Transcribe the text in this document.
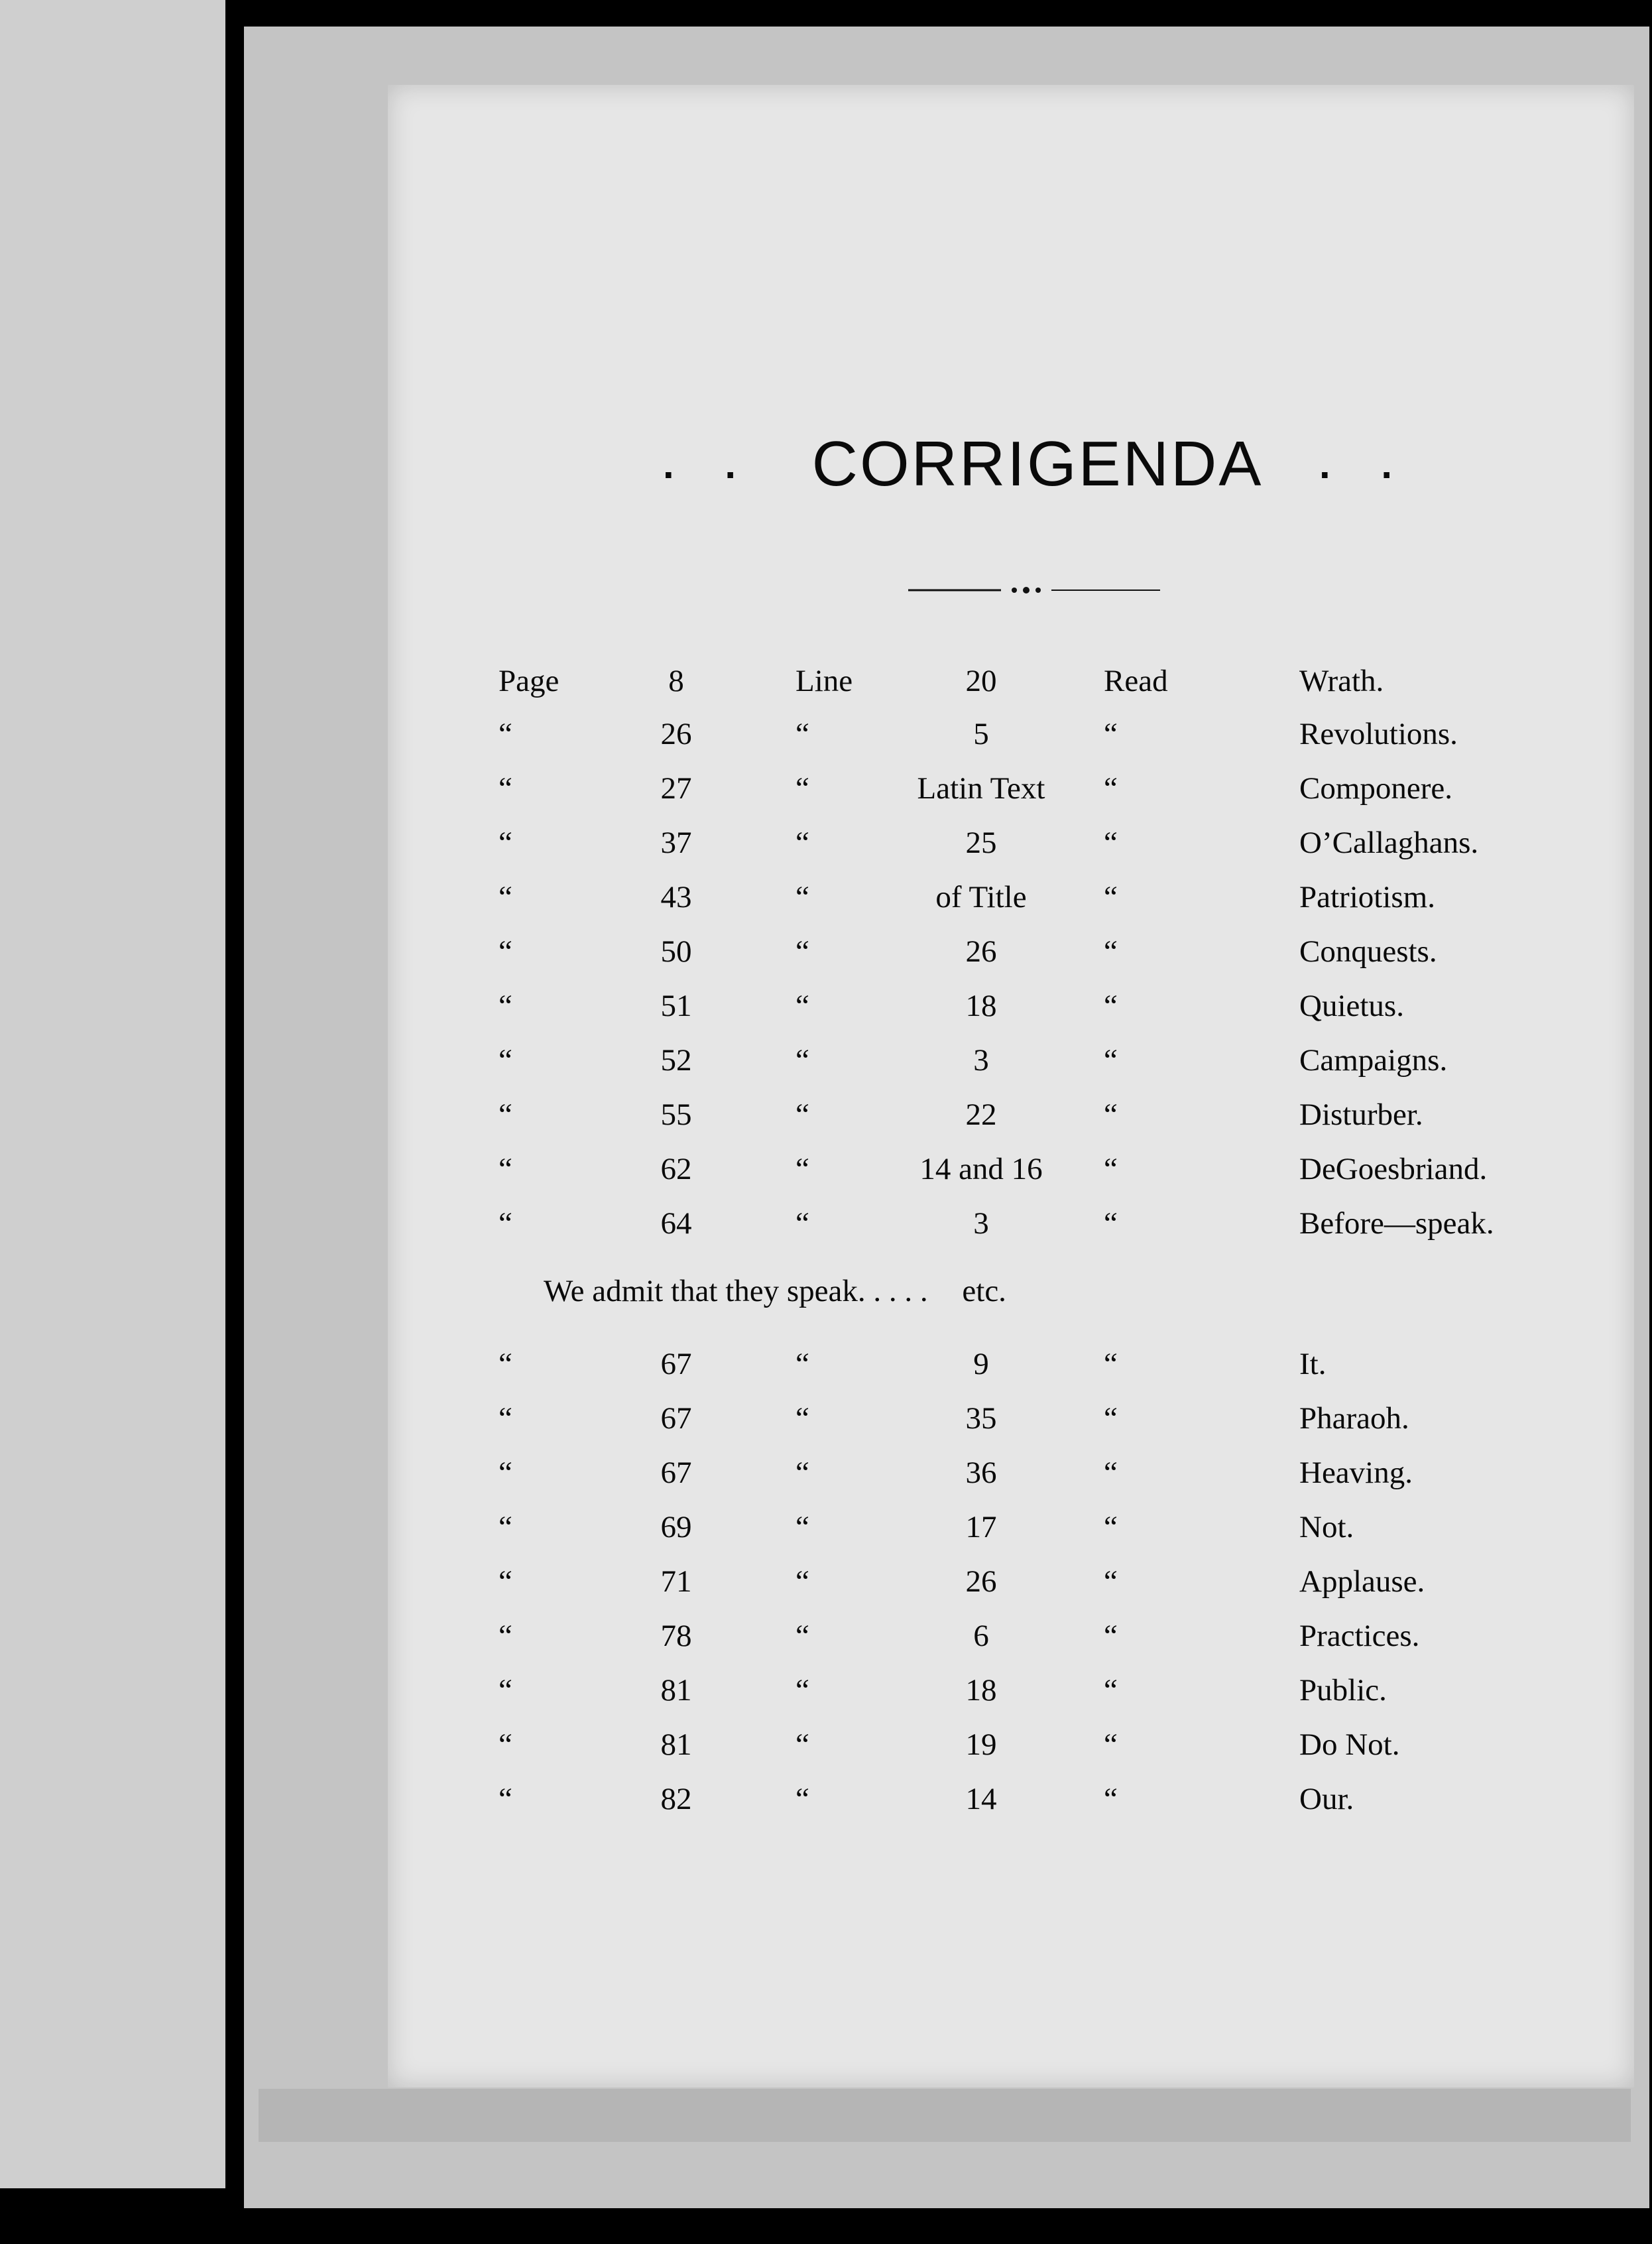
. . CORRIGENDA . .
Page	8	Line	20	Read	Wrath.
“	26	“	5	“	Revolutions.
“	27	“	Latin Text	“	Componere.
“	37	“	25	“	O’Callaghans.
“	43	“	of Title	“	Patriotism.
“	50	“	26	“	Conquests.
“	51	“	18	“	Quietus.
“	52	“	3	“	Campaigns.
“	55	“	22	“	Disturber.
“	62	“	14 and 16	“	DeGoesbriand.
“	64	“	3	“	Before—speak.
We admit that they speak. . . . . etc.
“	67	“	9	“	It.
“	67	“	35	“	Pharaoh.
“	67	“	36	“	Heaving.
“	69	“	17	“	Not.
“	71	“	26	“	Applause.
“	78	“	6	“	Practices.
“	81	“	18	“	Public.
“	81	“	19	“	Do Not.
“	82	“	14	“	Our.
